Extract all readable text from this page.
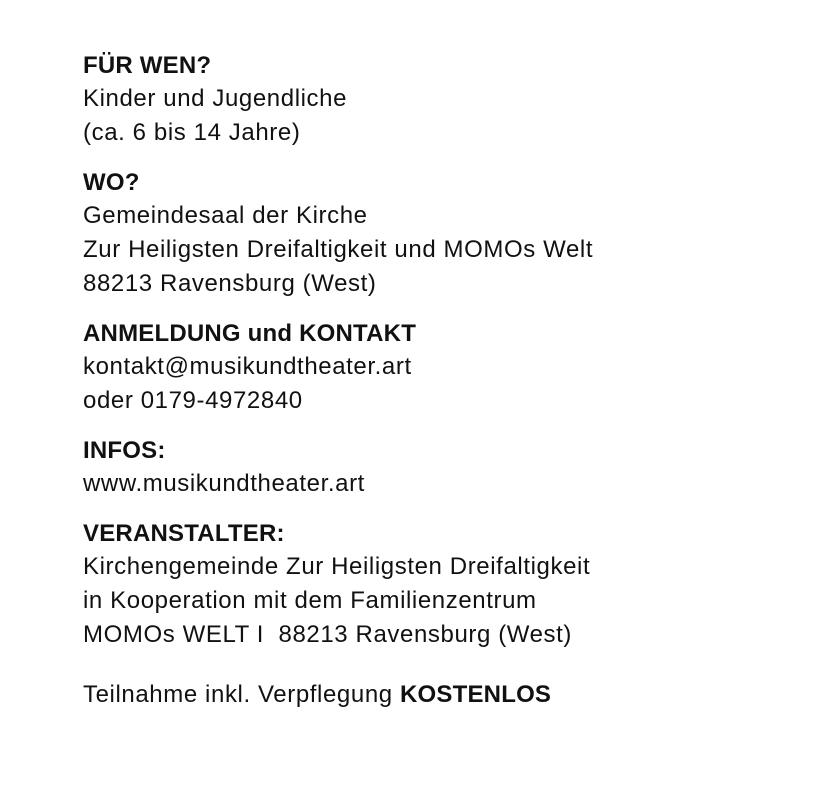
FÜR WEN?
Kinder und Jugendliche
(ca. 6 bis 14 Jahre)
WO?
Gemeindesaal der Kirche
Zur Heiligsten Dreifaltigkeit und MOMOs Welt
88213 Ravensburg (West)
ANMELDUNG und KONTAKT
kontakt@musikundtheater.art
oder 0179-4972840
INFOS:
www.musikundtheater.art
VERANSTALTER:
Kirchengemeinde Zur Heiligsten Dreifaltigkeit
in Kooperation mit dem Familienzentrum
MOMOs WELT I  88213 Ravensburg (West)
Teilnahme inkl. Verpflegung KOSTENLOS
